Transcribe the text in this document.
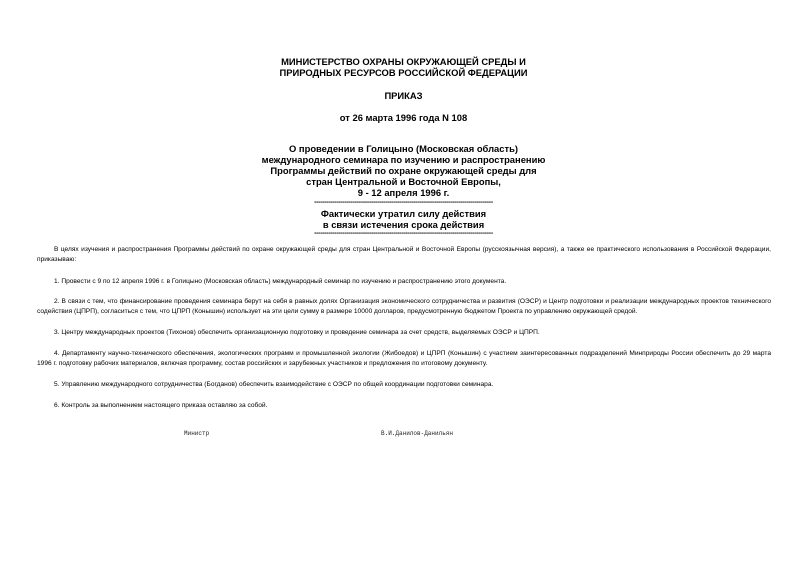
МИНИСТЕРСТВО ОХРАНЫ ОКРУЖАЮЩЕЙ СРЕДЫ И
ПРИРОДНЫХ РЕСУРСОВ РОССИЙСКОЙ ФЕДЕРАЦИИ
ПРИКАЗ
от 26 марта 1996 года N 108
О проведении в Голицыно (Московская область)
международного семинара по изучению и распространению
Программы действий по охране окружающей среды для
стран Центральной и Восточной Европы,
9 - 12 апреля 1996 г.
----------------------------------------------------------------------------------------
Фактически утратил силу действия
в связи истечения срока действия
----------------------------------------------------------------------------------------
В целях изучения и распространения Программы действий по охране окружающей среды для стран Центральной и Восточной Европы (русскоязычная версия), а также ее практического использования в Российской Федерации, приказываю:
1. Провести с 9 по 12 апреля 1996 г. в Голицыно (Московская область) международный семинар по изучению и распространению этого документа.
2. В связи с тем, что финансирование проведения семинара берут на себя в равных долях Организация экономического сотрудничества и развития (ОЭСР) и Центр подготовки и реализации международных проектов технического содействия (ЦПРП), согласиться с тем, что ЦПРП (Конышин) использует на эти цели сумму в размере 10000 долларов, предусмотренную бюджетом Проекта по управлению окружающей средой.
3. Центру международных проектов (Тихонов) обеспечить организационную подготовку и проведение семинара за счет средств, выделяемых ОЭСР и ЦПРП.
4. Департаменту научно-технического обеспечения, экологических программ и промышленной экологии (Жибоедов) и ЦПРП (Конышин) с участием заинтересованных подразделений Минприроды России обеспечить до 29 марта 1996 г. подготовку рабочих материалов, включая программу, состав российских и зарубежных участников и предложения по итоговому документу.
5. Управлению международного сотрудничества (Богданов) обеспечить взаимодействие с ОЭСР по общей координации подготовки семинара.
6. Контроль за выполнением настоящего приказа оставляю за собой.
Министр	В.И.Данилов-Данильян
